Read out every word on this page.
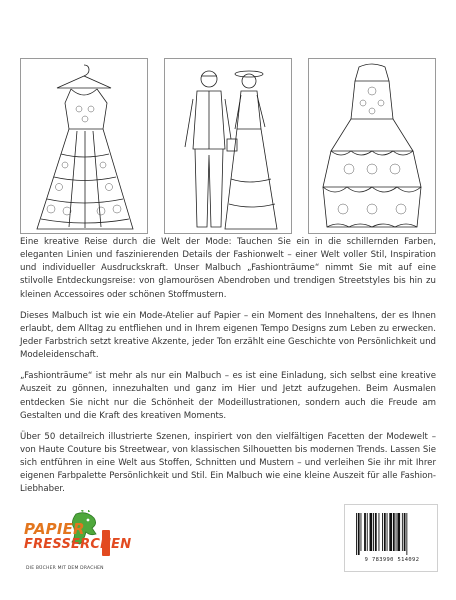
Eine kreative Reise durch die Welt der Mode: Tauchen Sie ein in die schillernden Farben, eleganten Linien und faszinierenden Details der Fashionwelt – einer Welt voller Stil, Inspiration und individueller Ausdruckskraft. Unser Malbuch „Fashionträume“ nimmt Sie mit auf eine stilvolle Entdeckungsreise: von glamourösen Abendroben und trendigen Streetstyles bis hin zu kleinen Accessoires oder schönen Stoffmustern.

Dieses Malbuch ist wie ein Mode-Atelier auf Papier – ein Moment des Innehaltens, der es Ihnen erlaubt, dem Alltag zu entfliehen und in Ihrem eigenen Tempo Designs zum Leben zu erwecken. Jeder Farbstrich setzt kreative Akzente, jeder Ton erzählt eine Geschichte von Persönlichkeit und Modeleidenschaft.

„Fashionträume“ ist mehr als nur ein Malbuch – es ist eine Einladung, sich selbst eine kreative Auszeit zu gönnen, innezuhalten und ganz im Hier und Jetzt aufzugehen. Beim Ausmalen entdecken Sie nicht nur die Schönheit der Modeillustrationen, sondern auch die Freude am Gestalten und die Kraft des kreativen Moments.

Über 50 detailreich illustrierte Szenen, inspiriert von den vielfältigen Facetten der Modewelt – von Haute Couture bis Streetwear, von klassischen Silhouetten bis modernen Trends. Lassen Sie sich entführen in eine Welt aus Stoffen, Schnitten und Mustern – und verleihen Sie ihr mit Ihrer eigenen Farbpalette Persönlichkeit und Stil. Ein Malbuch wie eine kleine Auszeit für alle Fashion-Liebhaber.

PAPIER
FRESSERCHEN
DIE BÜCHER MIT DEM DRACHEN
9 783990 514092
